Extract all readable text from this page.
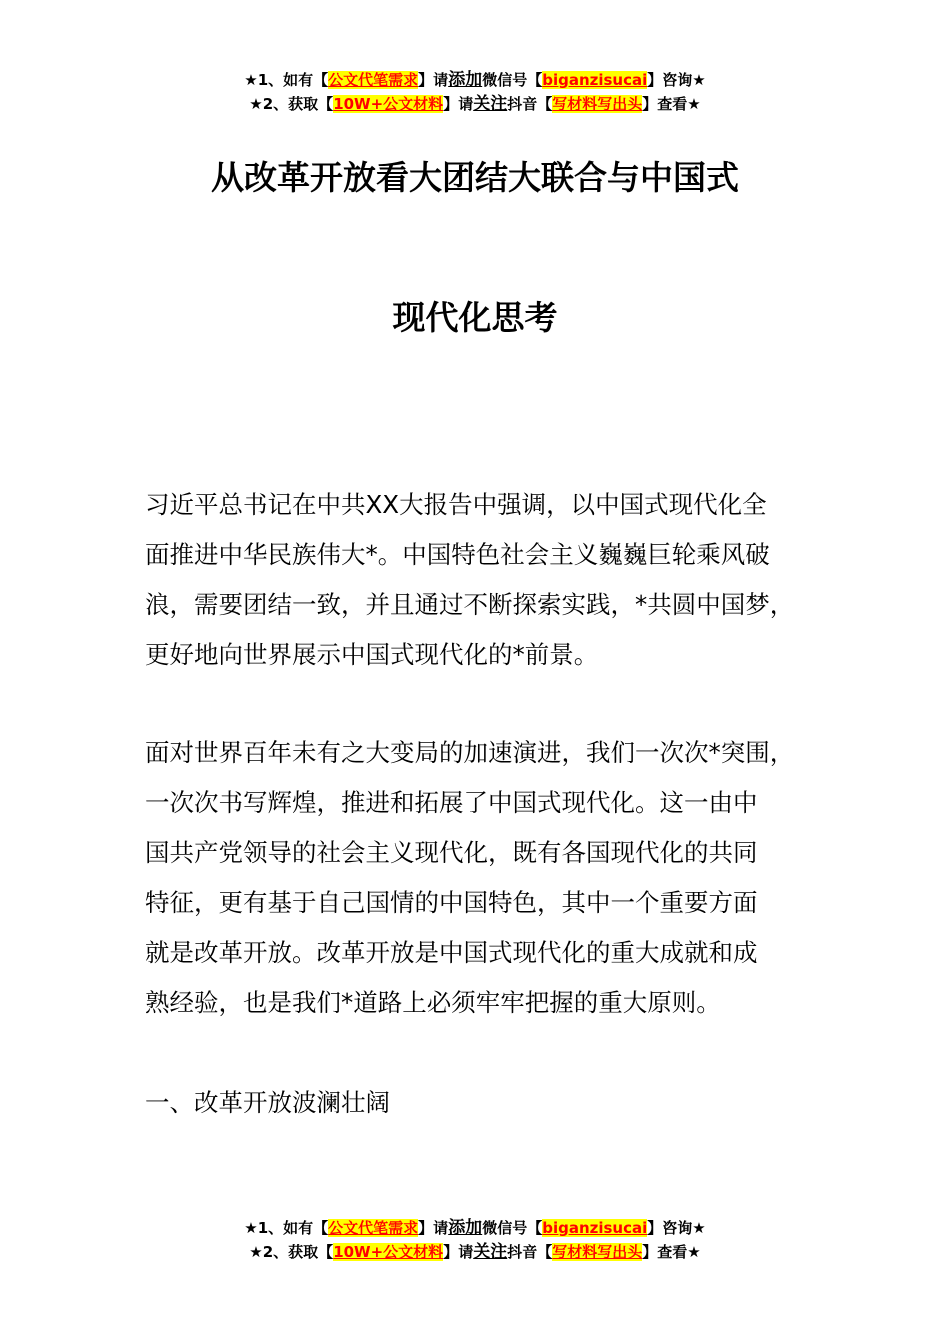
★1、如有【公文代笔需求】请添加微信号【biganzisucai】咨询★
★2、获取【10W+公文材料】请关注抖音【写材料写出头】查看★
从改革开放看大团结大联合与中国式
现代化思考
习近平总书记在中共XX大报告中强调，以中国式现代化全
面推进中华民族伟大*。中国特色社会主义巍巍巨轮乘风破
浪，需要团结一致，并且通过不断探索实践，*共圆中国梦，
更好地向世界展示中国式现代化的*前景。
面对世界百年未有之大变局的加速演进，我们一次次*突围，
一次次书写辉煌，推进和拓展了中国式现代化。这一由中
国共产党领导的社会主义现代化，既有各国现代化的共同
特征，更有基于自己国情的中国特色，其中一个重要方面
就是改革开放。改革开放是中国式现代化的重大成就和成
熟经验，也是我们*道路上必须牢牢把握的重大原则。
一、改革开放波澜壮阔
★1、如有【公文代笔需求】请添加微信号【biganzisucai】咨询★
★2、获取【10W+公文材料】请关注抖音【写材料写出头】查看★
